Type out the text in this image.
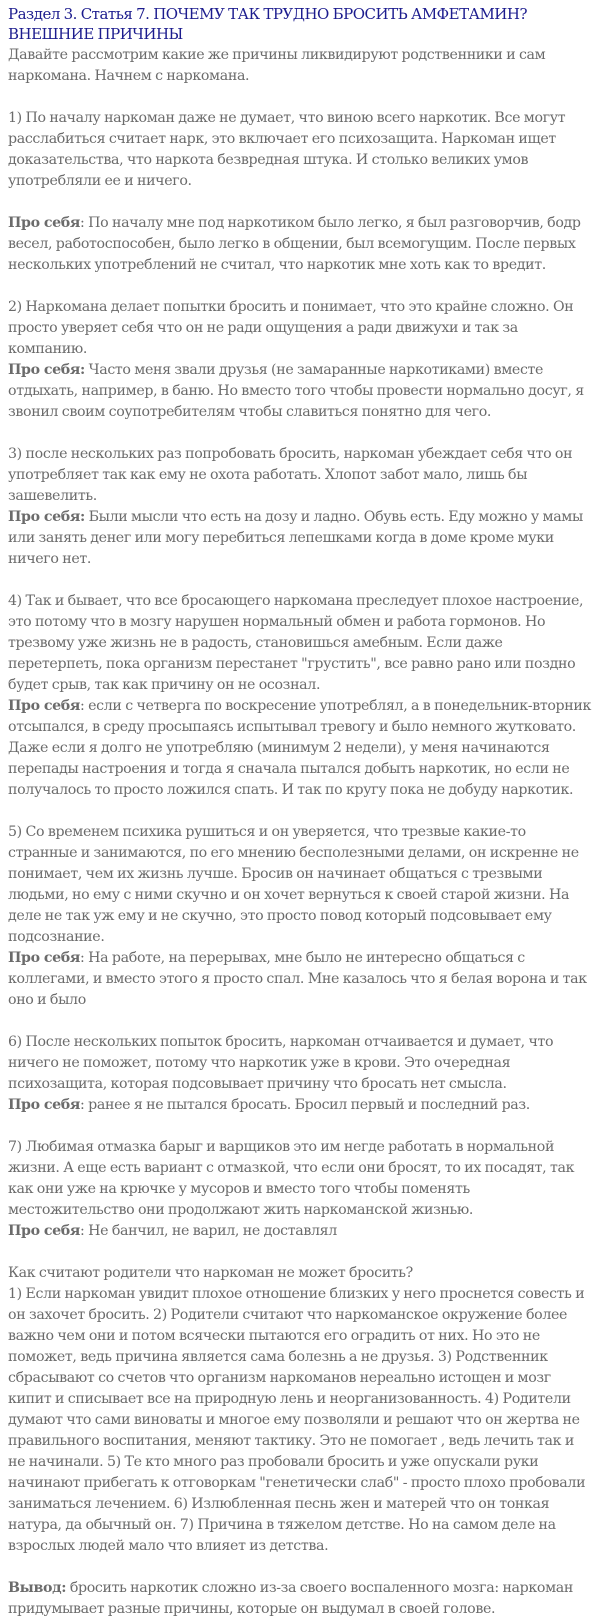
Раздел 3. Статья 7. ПОЧЕМУ ТАК ТРУДНО БРОСИТЬ АМФЕТАМИН? ВНЕШНИЕ ПРИЧИНЫ

Давайте рассмотрим какие же причины ликвидируют родственники и сам наркомана. Начнем с наркомана.

1) По началу наркоман даже не думает, что виною всего наркотик. Все могут расслабиться считает нарк, это включает его психозащита. Наркоман ищет доказательства, что наркота безвредная штука. И столько великих умов употребляли ее и ничего.

Про себя: По началу мне под наркотиком было легко, я был разговорчив, бодр весел, работоспособен, было легко в общении, был всемогущим. После первых нескольких употреблений не считал, что наркотик мне хоть как то вредит.

2) Наркомана делает попытки бросить и понимает, что это крайне сложно. Он просто уверяет себя что он не ради ощущения а ради движухи и так за компанию.

Про себя: Часто меня звали друзья (не замаранные наркотиками) вместе отдыхать, например, в баню. Но вместо того чтобы провести нормально досуг, я звонил своим соупотребителям чтобы славиться понятно для чего.

3) после нескольких раз попробовать бросить, наркоман убеждает себя что он употребляет так как ему не охота работать. Хлопот забот мало, лишь бы зашевелить.

Про себя: Были мысли что есть на дозу и ладно. Обувь есть. Еду можно у мамы или занять денег или могу перебиться лепешками когда в доме кроме муки ничего нет.

4) Так и бывает, что все бросающего наркомана преследует плохое настроение, это потому что в мозгу нарушен нормальный обмен и работа гормонов. Но трезвому уже жизнь не в радость, становишься амебным. Если даже перетерпеть, пока организм перестанет "грустить", все равно рано или поздно будет срыв, так как причину он не осознал.

Про себя: если с четверга по воскресение употреблял, а в понедельник-вторник отсыпался, в среду просыпаясь испытывал тревогу и было немного жутковато. Даже если я долго не употребляю (минимум 2 недели), у меня начинаются перепады настроения и тогда я сначала пытался добыть наркотик, но если не получалось то просто ложился спать. И так по кругу пока не добуду наркотик.

5) Со временем психика рушиться и он уверяется, что трезвые какие-то странные и занимаются, по его мнению бесполезными делами, он искренне не понимает, чем их жизнь лучше. Бросив он начинает общаться с трезвыми людьми, но ему с ними скучно и он хочет вернуться к своей старой жизни. На деле не так уж ему и не скучно, это просто повод который подсовывает ему подсознание.

Про себя: На работе, на перерывах, мне было не интересно общаться с коллегами, и вместо этого я просто спал. Мне казалось что я белая ворона и так оно и было

6) После нескольких попыток бросить, наркоман отчаивается и думает, что ничего не поможет, потому что наркотик уже в крови. Это очередная психозащита, которая подсовывает причину что бросать нет смысла.

Про себя: ранее я не пытался бросать. Бросил первый и последний раз.

7) Любимая отмазка барыг и варщиков это им негде работать в нормальной жизни. А еще есть вариант с отмазкой, что если они бросят, то их посадят, так как они уже на крючке у мусоров и вместо того чтобы поменять местожительство они продолжают жить наркоманской жизнью.

Про себя: Не банчил, не варил, не доставлял

Как считают родители что наркоман не может бросить?

1) Если наркоман увидит плохое отношение близких у него проснется совесть и он захочет бросить. 2) Родители считают что наркоманское окружение более важно чем они и потом всячески пытаются его оградить от них. Но это не поможет, ведь причина является сама болезнь а не друзья. 3) Родственник сбрасывают со счетов что организм наркоманов нереально истощен и мозг кипит и списывает все на природную лень и неорганизованность. 4) Родители думают что сами виноваты и многое ему позволяли и решают что он жертва не правильного воспитания, меняют тактику. Это не помогает , ведь лечить так и не начинали. 5) Те кто много раз пробовали бросить и уже опускали руки начинают прибегать к отговоркам "генетически слаб" - просто плохо пробовали заниматься лечением. 6) Излюбленная песнь жен и матерей что он тонкая натура, да обычный он. 7) Причина в тяжелом детстве. Но на самом деле на взрослых людей мало что влияет из детства.

Вывод: бросить наркотик сложно из-за своего воспаленного мозга: наркоман придумывает разные причины, которые он выдумал в своей голове.
